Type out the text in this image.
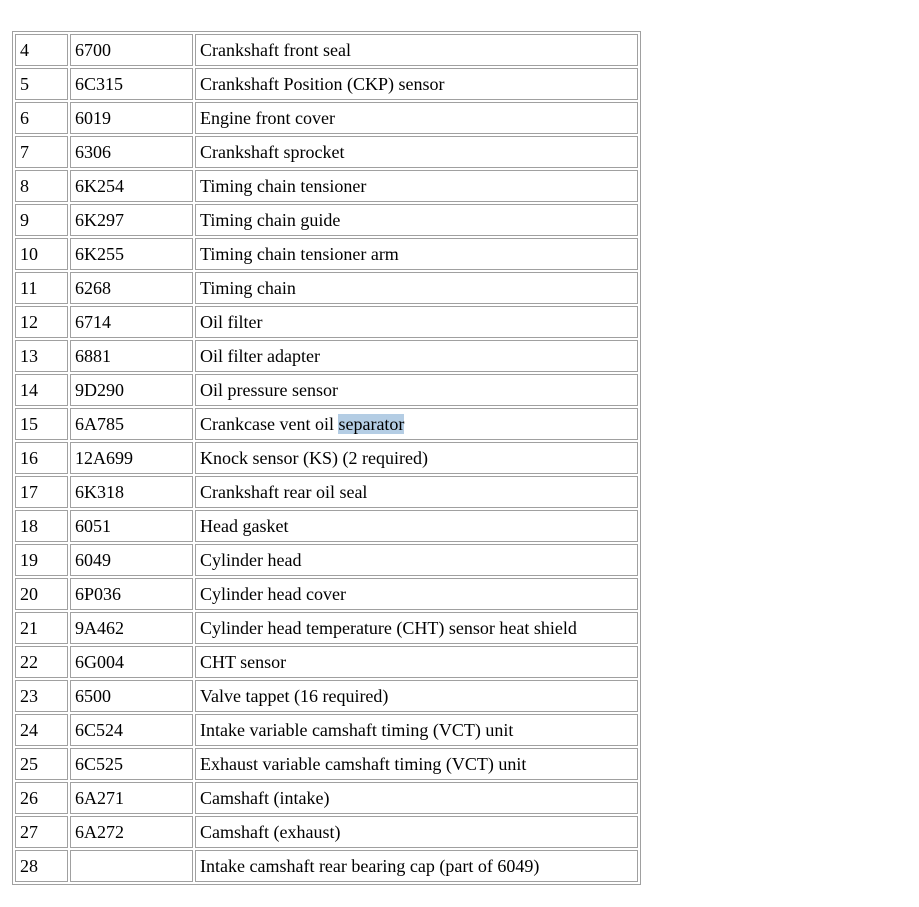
4	6700	Crankshaft front seal
5	6C315	Crankshaft Position (CKP) sensor
6	6019	Engine front cover
7	6306	Crankshaft sprocket
8	6K254	Timing chain tensioner
9	6K297	Timing chain guide
10	6K255	Timing chain tensioner arm
11	6268	Timing chain
12	6714	Oil filter
13	6881	Oil filter adapter
14	9D290	Oil pressure sensor
15	6A785	Crankcase vent oil separator
16	12A699	Knock sensor (KS) (2 required)
17	6K318	Crankshaft rear oil seal
18	6051	Head gasket
19	6049	Cylinder head
20	6P036	Cylinder head cover
21	9A462	Cylinder head temperature (CHT) sensor heat shield
22	6G004	CHT sensor
23	6500	Valve tappet (16 required)
24	6C524	Intake variable camshaft timing (VCT) unit
25	6C525	Exhaust variable camshaft timing (VCT) unit
26	6A271	Camshaft (intake)
27	6A272	Camshaft (exhaust)
28		Intake camshaft rear bearing cap (part of 6049)
